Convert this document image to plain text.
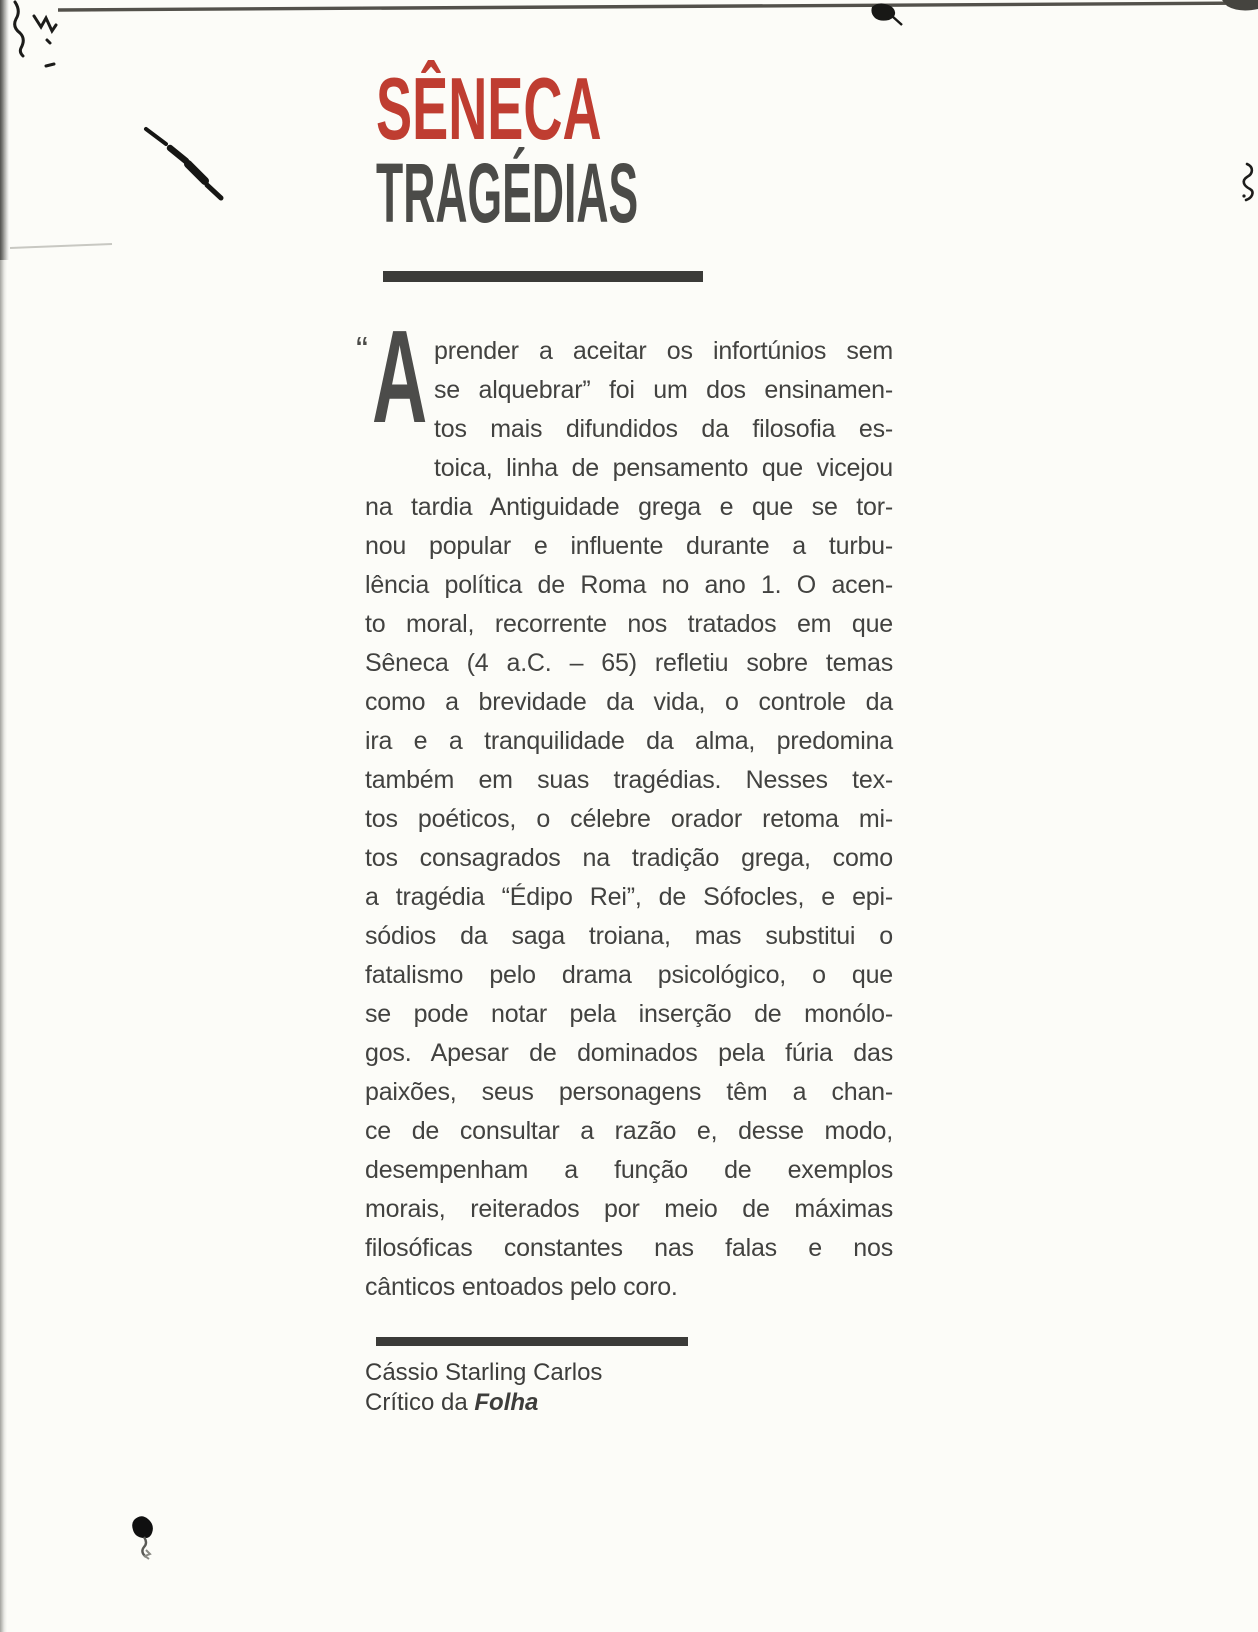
SÊNECA
TRAGÉDIAS
“ A prender a aceitar os infortúnios sem
se alquebrar” foi um dos ensinamen-
tos mais difundidos da filosofia es-
toica, linha de pensamento que vicejou
na tardia Antiguidade grega e que se tor-
nou popular e influente durante a turbu-
lência política de Roma no ano 1. O acen-
to moral, recorrente nos tratados em que
Sêneca (4 a.C. – 65) refletiu sobre temas
como a brevidade da vida, o controle da
ira e a tranquilidade da alma, predomina
também em suas tragédias. Nesses tex-
tos poéticos, o célebre orador retoma mi-
tos consagrados na tradição grega, como
a tragédia “Édipo Rei”, de Sófocles, e epi-
sódios da saga troiana, mas substitui o
fatalismo pelo drama psicológico, o que
se pode notar pela inserção de monólo-
gos. Apesar de dominados pela fúria das
paixões, seus personagens têm a chan-
ce de consultar a razão e, desse modo,
desempenham a função de exemplos
morais, reiterados por meio de máximas
filosóficas constantes nas falas e nos
cânticos entoados pelo coro.
Cássio Starling Carlos
Crítico da Folha
